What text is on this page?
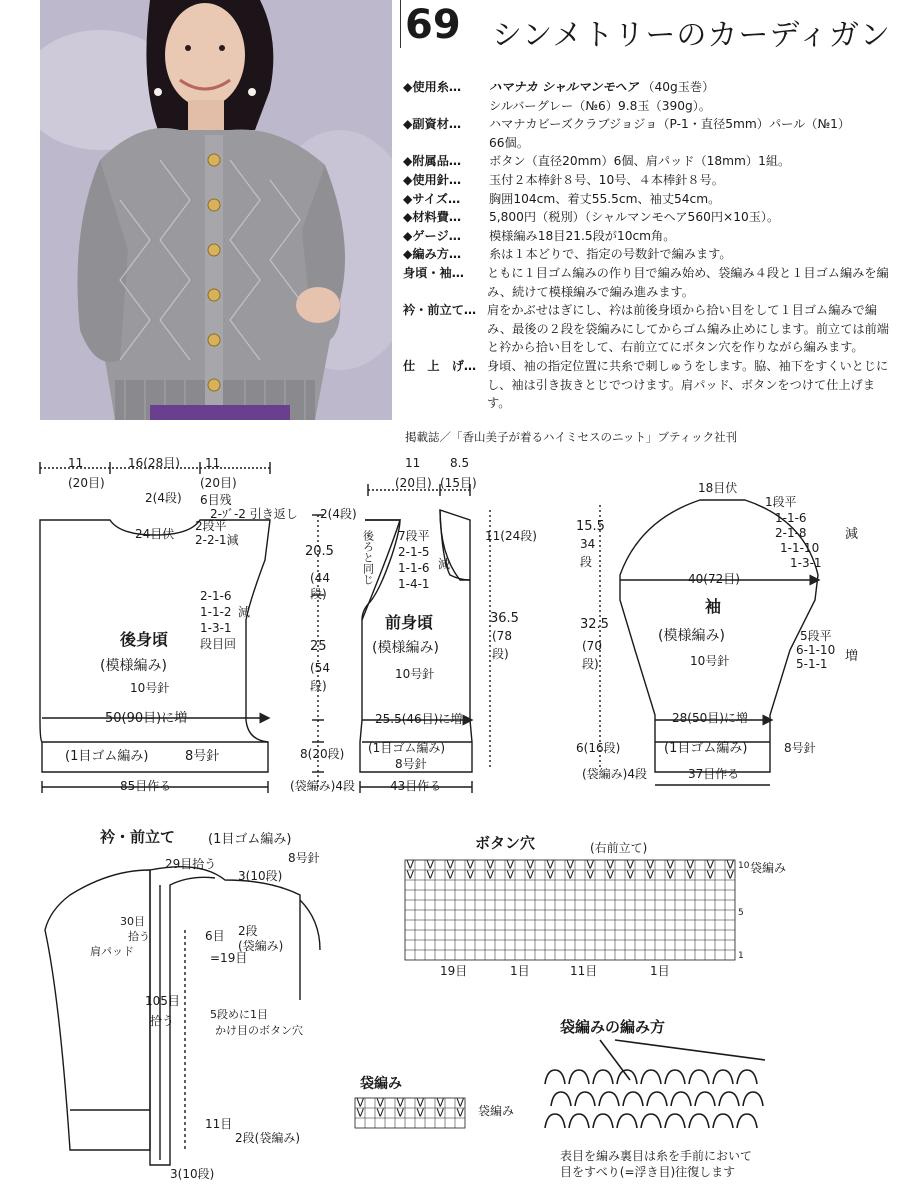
69 シンメトリーのカーディガン
◆使用糸…	ハマナカ シャルマンモヘア （40g玉巻）
シルバーグレー（№6）9.8玉（390g）。
◆副資材…	ハマナカビーズクラブジョジョ（P-1・直径5mm）パール（№1）
66個。
◆附属品…	ボタン（直径20mm）6個、肩パッド（18mm）1組。
◆使用針…	玉付２本棒針８号、10号、４本棒針８号。
◆サイズ…	胸囲104cm、着丈55.5cm、袖丈54cm。
◆材料費…	5,800円（税別）（シャルマンモヘア560円×10玉）。
◆ゲージ…	模様編み18目21.5段が10cm角。
◆編み方…	糸は１本どりで、指定の号数針で編みます。
身頃・袖…	ともに１目ゴム編みの作り目で編み始め、袋編み４段と１目ゴム編みを編み、続けて模様編みで編み進みます。
衿・前立て… 肩をかぶせはぎにし、衿は前後身頃から拾い目をして１目ゴム編みで編み、最後の２段を袋編みにしてからゴム編み止めにします。前立ては前端と衿から拾い目をして、右前立てにボタン穴を作りながら編みます。
仕　上　げ… 身頃、袖の指定位置に共糸で刺しゅうをします。脇、袖下をすくいとじにし、袖は引き抜きとじでつけます。肩パッド、ボタンをつけて仕上げます。
掲載誌／「香山美子が着るハイミセスのニット」ブティック社刊
V
V
V
V
V
V
V
V
V
V
V
V
V
V
V
V
V
V
V
V
V
V
V
V
V
V
V
V
V
V
V
V
V
V
V
V
V
V
V
V
V
V
V
V
V
V
11	16(28目) 11
(20目)	(20目)
2(4段) 6目残
2-ｿﾞ-2 引き返し 2(4段)
2段平
2-2-1減
24目伏
2-1-6
1-1-2
1-3-1
段目回
減
後身頃
(模様編み)
10号針
50(90目)に増
(1目ゴム編み)	8号針
85目作る
20.5
(44
段)
25
(54
段)
8(20段)
(袋編み)4段
11 8.5
(20目) (15目)
後ろと同じ 7段平
2-1-5
1-1-6
1-4-1
減
11(24段)
36.5
(78
段)
前身頃
(模様編み)
10号針
25.5(46目)に増
(1目ゴム編み)
8号針
43目作る
18目伏
1段平
1-1-6
2-1-8
1-1-10
1-3-1
減
15.5
34
段
40(72目)
袖
(模様編み)
10号針
5段平
6-1-10
5-1-1 増
32.5
(70
段)
28(50目)に増
(1目ゴム編み)	8号針
6(16段)
(袋編み)4段	37目作る
衿・前立て	(1目ゴム編み)
8号針
29目拾う
3(10段)
30目
拾う
肩パッド
6目 2段
(袋編み)
=19目
105目
拾う	5段めに1目
かけ目のボタン穴
11目
2段(袋編み)
3(10段)
ボタン穴	(右前立て)
袋編み
10
5
1
19目	1目	11目	1目
袋編みの編み方
袋編み
袋編み
表目を編み裏目は糸を手前において
目をすべり(=浮き目)往復します
